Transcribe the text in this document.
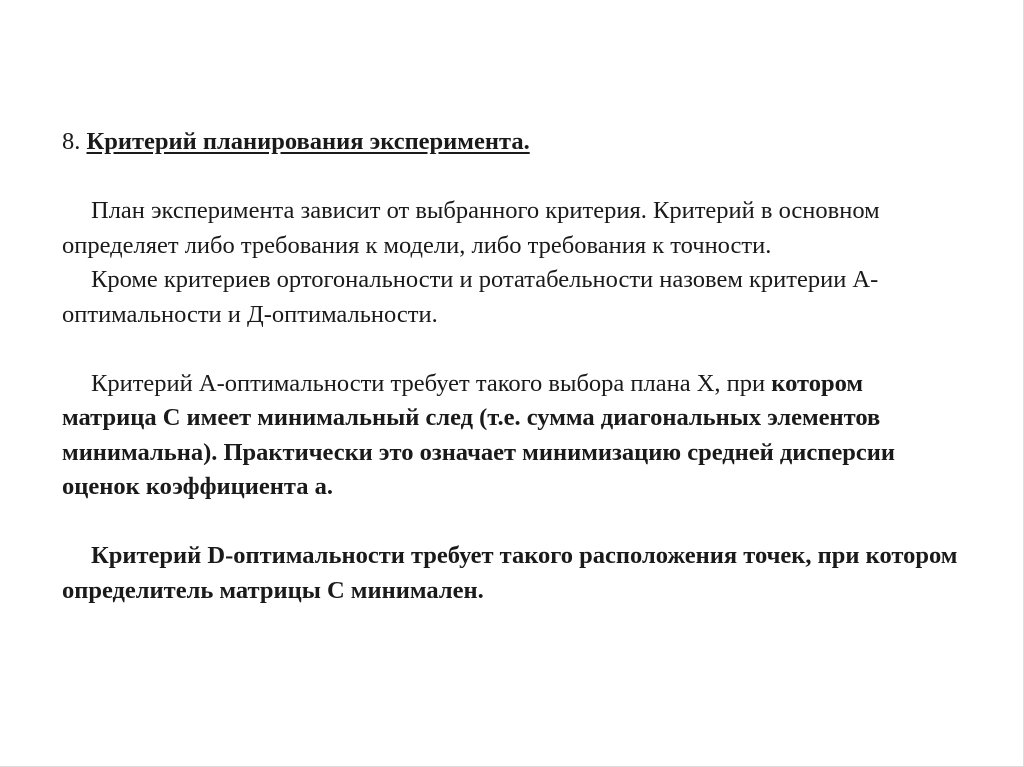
8. Критерий планирования эксперимента.

План эксперимента зависит от выбранного критерия. Критерий в основном определяет либо требования к модели, либо требования к точности.

Кроме критериев ортогональности и ротатабельности назовем критерии А-оптимальности и Д-оптимальности.

Критерий А-оптимальности требует такого выбора плана Х, при котором матрица С имеет минимальный след (т.е. сумма диагональных элементов минимальна). Практически это означает минимизацию средней дисперсии оценок коэффициента а.

Критерий D-оптимальности требует такого расположения точек, при котором определитель матрицы С минимален.
